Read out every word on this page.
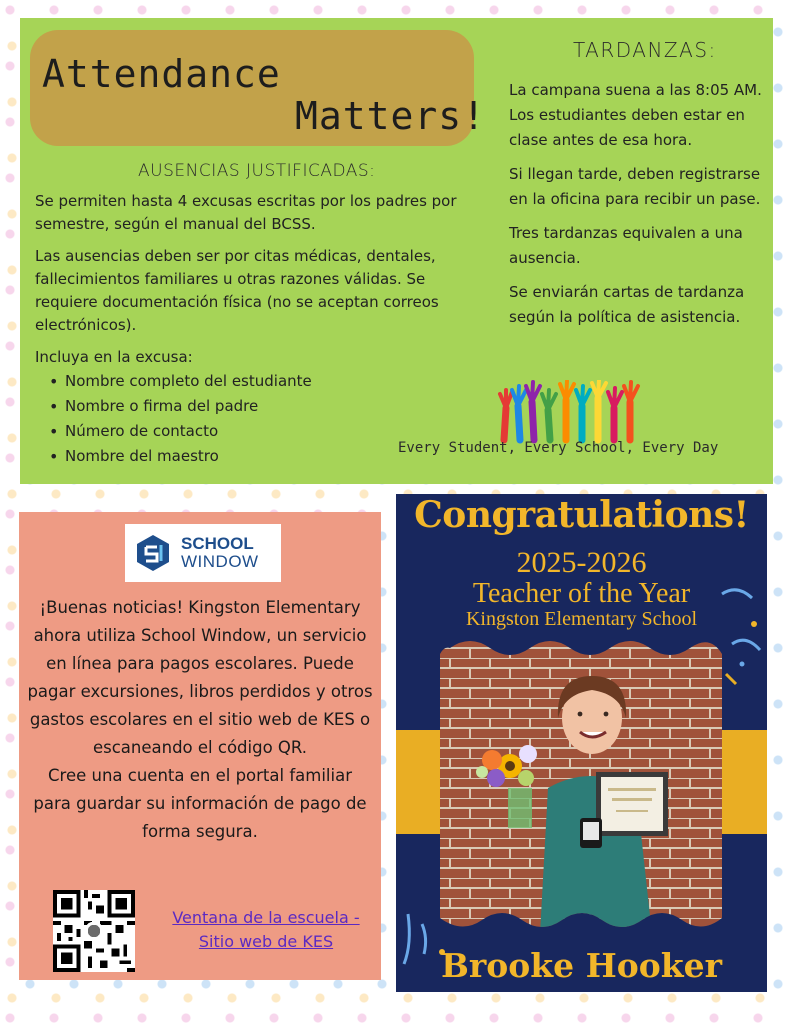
Attendance
Matters!
AUSENCIAS JUSTIFICADAS:

Se permiten hasta 4 excusas escritas por los padres por semestre, según el manual del BCSS.

Las ausencias deben ser por citas médicas, dentales, fallecimientos familiares u otras razones válidas. Se requiere documentación física (no se aceptan correos electrónicos).

Incluya en la excusa:

• Nombre completo del estudiante
• Nombre o firma del padre
• Número de contacto
• Nombre del maestro
TARDANZAS:

La campana suena a las 8:05 AM. Los estudiantes deben estar en clase antes de esa hora.

Si llegan tarde, deben registrarse en la oficina para recibir un pase.

Tres tardanzas equivalen a una ausencia.

Se enviarán cartas de tardanza según la política de asistencia.

Every Student, Every School, Every Day
SCHOOL
WINDOW

¡Buenas noticias! Kingston Elementary ahora utiliza School Window, un servicio en línea para pagos escolares. Puede pagar excursiones, libros perdidos y otros gastos escolares en el sitio web de KES o escaneando el código QR.

Cree una cuenta en el portal familiar para guardar su información de pago de forma segura.

Ventana de la escuela -
Sitio web de KES
Congratulations!
2025-2026
Teacher of the Year
Kingston Elementary School
Brooke Hooker
